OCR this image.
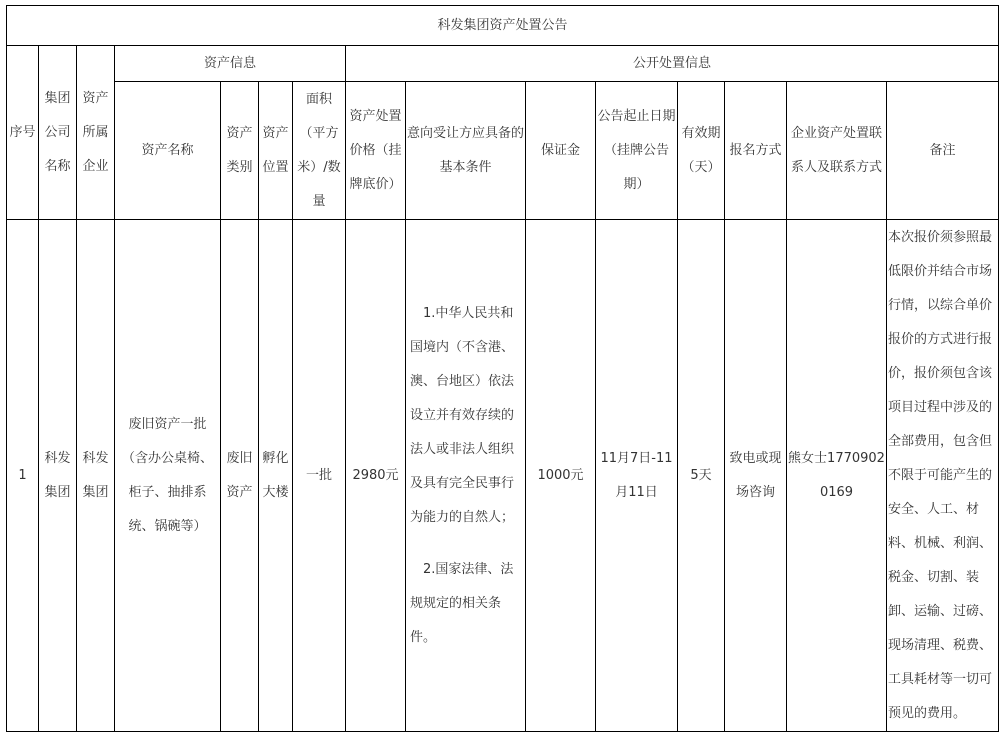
科发集团资产处置公告														
序号	集团公司名称	资产所属企业	资产信息				公开处置信息							
			资产名称	资产类别	资产位置	面积（平方米）/数量	资产处置价格（挂牌底价）	意向受让方应具备的基本条件	保证金	公告起止日期（挂牌公告期）	有效期（天）	报名方式	企业资产处置联系人及联系方式	备注
1	科发集团	科发集团	废旧资产一批（含办公桌椅、柜子、抽排系统、锅碗等）	废旧资产	孵化大楼	一批	2980元	1.中华人民共和国境内（不含港、澳、台地区）依法设立并有效存续的法人或非法人组织及具有完全民事行为能力的自然人；

2.国家法律、法规规定的相关条件。	1000元	11月7日-11月11日	5天	致电或现场咨询	熊女士17709020169	本次报价须参照最低限价并结合市场行情，以综合单价报价的方式进行报价，报价须包含该项目过程中涉及的全部费用，包含但不限于可能产生的安全、人工、材料、机械、利润、税金、切割、装卸、运输、过磅、现场清理、税费、工具耗材等一切可预见的费用。
